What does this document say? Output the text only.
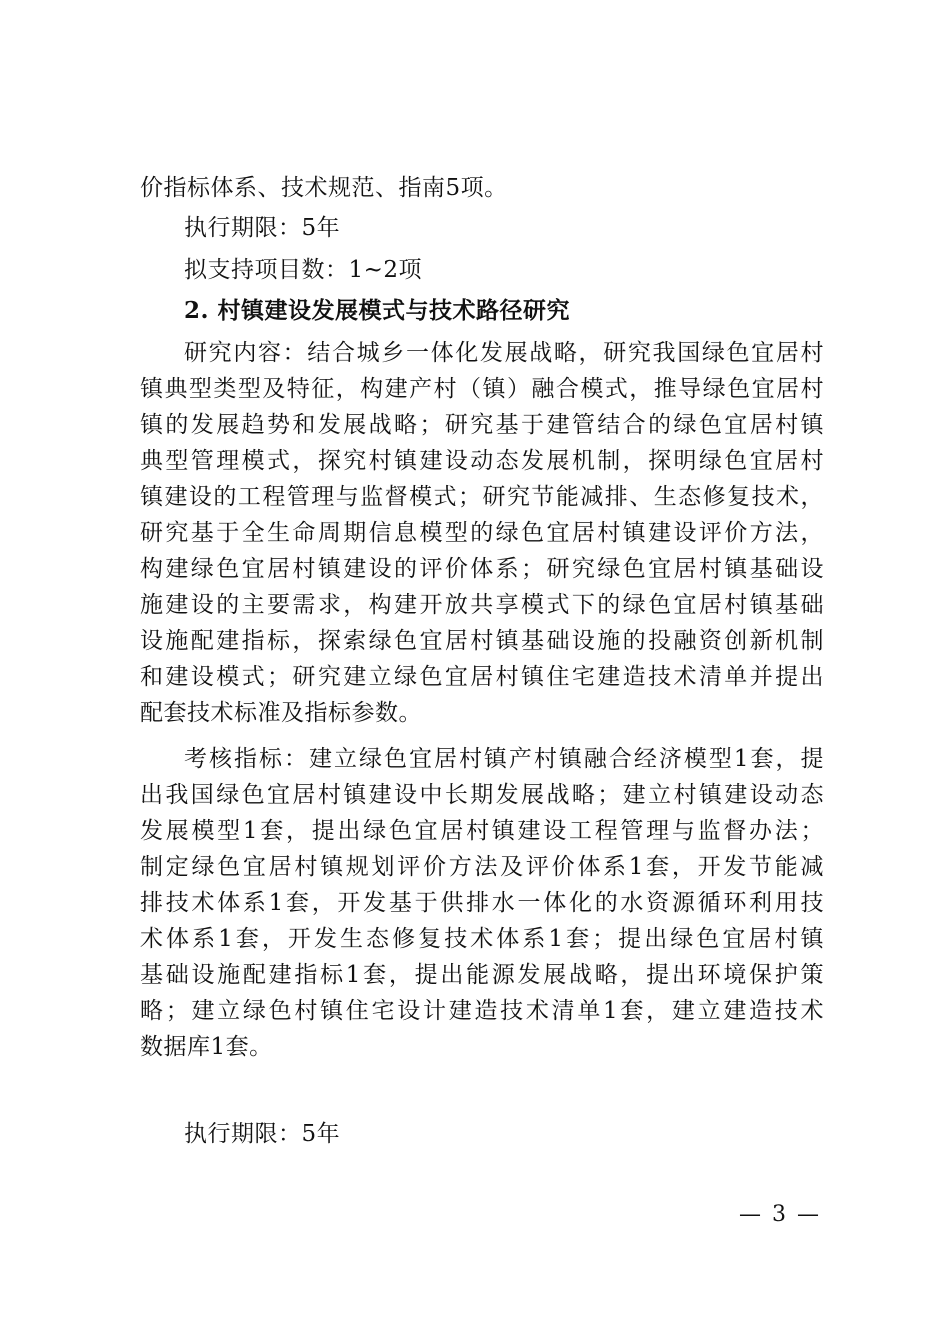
价指标体系、技术规范、指南5项。
执行期限：5年
拟支持项目数：1~2项
2. 村镇建设发展模式与技术路径研究
研究内容：结合城乡一体化发展战略，研究我国绿色宜居村
镇典型类型及特征，构建产村（镇）融合模式，推导绿色宜居村
镇的发展趋势和发展战略；研究基于建管结合的绿色宜居村镇
典型管理模式，探究村镇建设动态发展机制，探明绿色宜居村
镇建设的工程管理与监督模式；研究节能减排、生态修复技术，
研究基于全生命周期信息模型的绿色宜居村镇建设评价方法，
构建绿色宜居村镇建设的评价体系；研究绿色宜居村镇基础设
施建设的主要需求，构建开放共享模式下的绿色宜居村镇基础
设施配建指标，探索绿色宜居村镇基础设施的投融资创新机制
和建设模式；研究建立绿色宜居村镇住宅建造技术清单并提出
配套技术标准及指标参数。
考核指标：建立绿色宜居村镇产村镇融合经济模型1套，提
出我国绿色宜居村镇建设中长期发展战略；建立村镇建设动态
发展模型1套，提出绿色宜居村镇建设工程管理与监督办法；
制定绿色宜居村镇规划评价方法及评价体系1套，开发节能减
排技术体系1套，开发基于供排水一体化的水资源循环利用技
术体系1套，开发生态修复技术体系1套；提出绿色宜居村镇
基础设施配建指标1套，提出能源发展战略，提出环境保护策
略；建立绿色村镇住宅设计建造技术清单1套，建立建造技术
数据库1套。
执行期限：5年
— 3 —
